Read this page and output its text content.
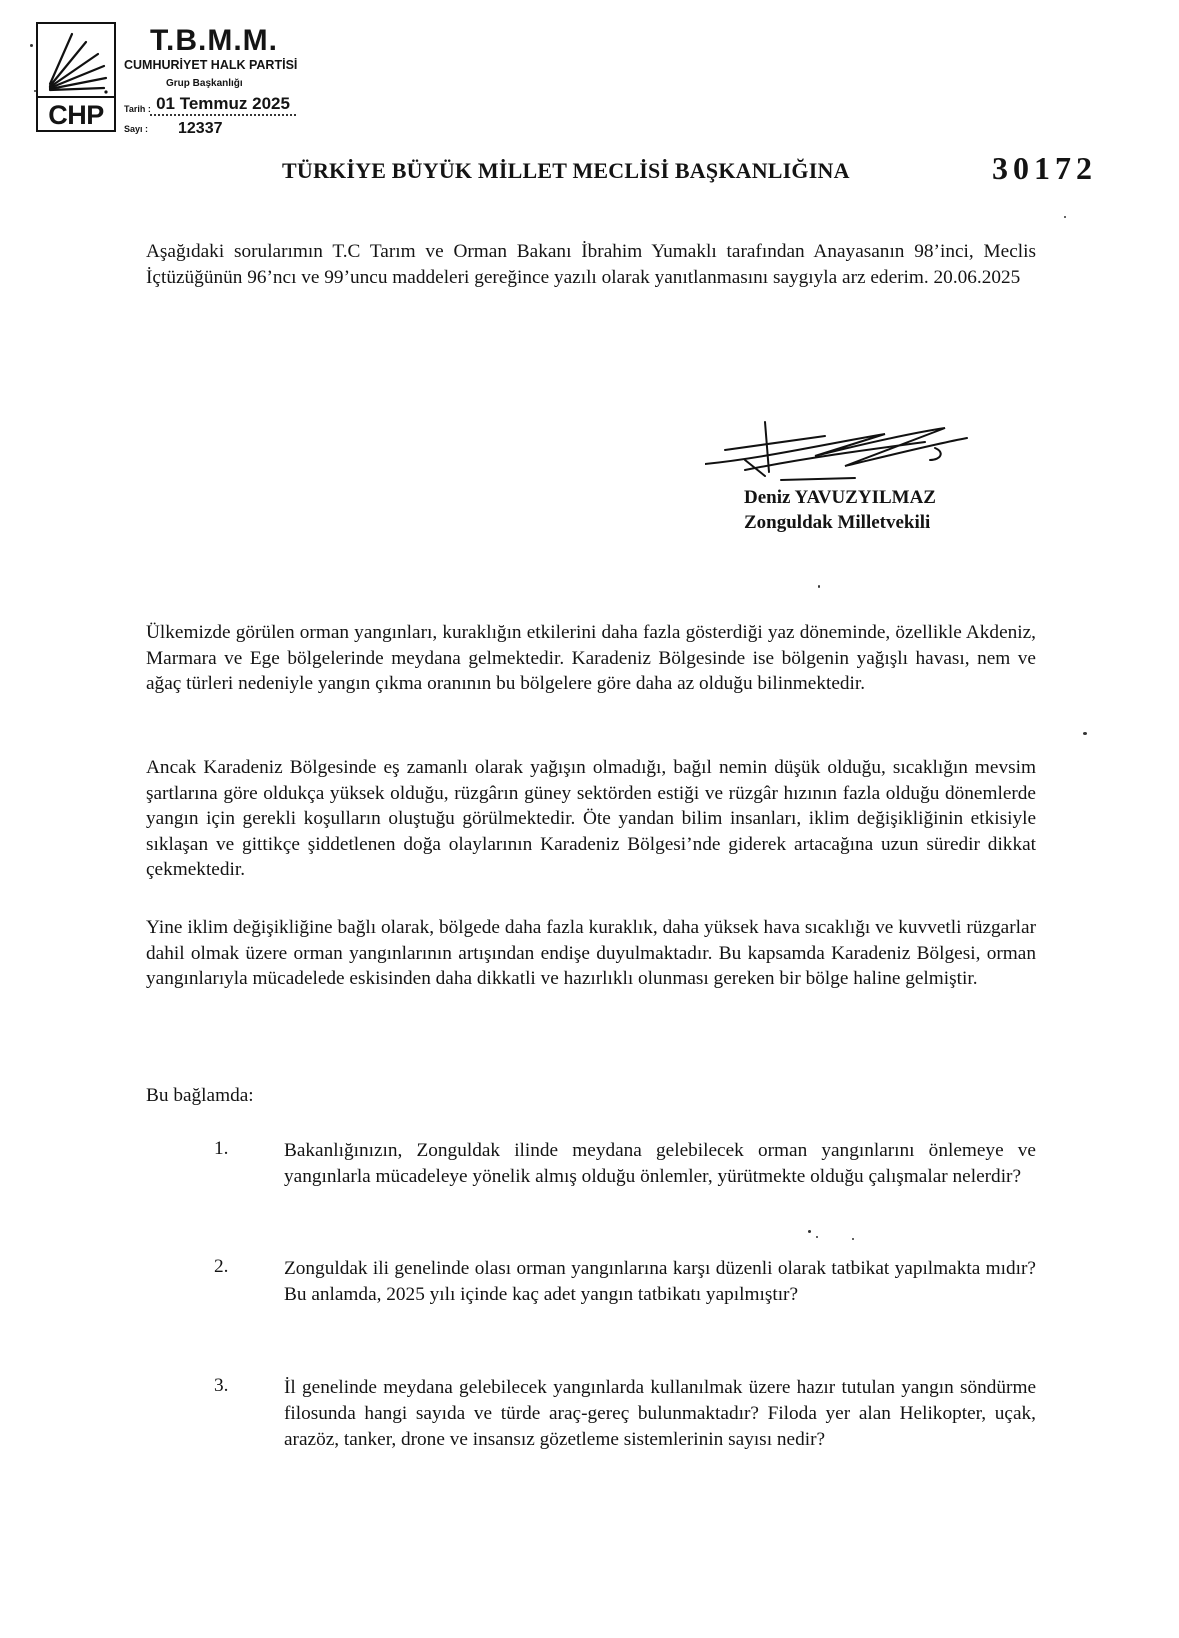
CHP
T.B.M.M.
CUMHURİYET HALK PARTİSİ
Grup Başkanlığı
Tarih : 01 Temmuz 2025
Sayı : 12337
30172
TÜRKİYE BÜYÜK MİLLET MECLİSİ BAŞKANLIĞINA
Aşağıdaki sorularımın T.C Tarım ve Orman Bakanı İbrahim Yumaklı tarafından Anayasanın 98’inci, Meclis İçtüzüğünün 96’ncı ve 99’uncu maddeleri gereğince yazılı olarak yanıtlanmasını saygıyla arz ederim. 20.06.2025
Deniz YAVUZYILMAZ
Zonguldak Milletvekili
Ülkemizde görülen orman yangınları, kuraklığın etkilerini daha fazla gösterdiği yaz döneminde, özellikle Akdeniz, Marmara ve Ege bölgelerinde meydana gelmektedir. Karadeniz Bölgesinde ise bölgenin yağışlı havası, nem ve ağaç türleri nedeniyle yangın çıkma oranının bu bölgelere göre daha az olduğu bilinmektedir.
Ancak Karadeniz Bölgesinde eş zamanlı olarak yağışın olmadığı, bağıl nemin düşük olduğu, sıcaklığın mevsim şartlarına göre oldukça yüksek olduğu, rüzgârın güney sektörden estiği ve rüzgâr hızının fazla olduğu dönemlerde yangın için gerekli koşulların oluştuğu görülmektedir. Öte yandan bilim insanları, iklim değişikliğinin etkisiyle sıklaşan ve gittikçe şiddetlenen doğa olaylarının Karadeniz Bölgesi’nde giderek artacağına uzun süredir dikkat çekmektedir.
Yine iklim değişikliğine bağlı olarak, bölgede daha fazla kuraklık, daha yüksek hava sıcaklığı ve kuvvetli rüzgarlar dahil olmak üzere orman yangınlarının artışından endişe duyulmaktadır. Bu kapsamda Karadeniz Bölgesi, orman yangınlarıyla mücadelede eskisinden daha dikkatli ve hazırlıklı olunması gereken bir bölge haline gelmiştir.
Bu bağlamda:
1.	Bakanlığınızın, Zonguldak ilinde meydana gelebilecek orman yangınlarını önlemeye ve yangınlarla mücadeleye yönelik almış olduğu önlemler, yürütmekte olduğu çalışmalar nelerdir?
2.	Zonguldak ili genelinde olası orman yangınlarına karşı düzenli olarak tatbikat yapılmakta mıdır? Bu anlamda, 2025 yılı içinde kaç adet yangın tatbikatı yapılmıştır?
3.	İl genelinde meydana gelebilecek yangınlarda kullanılmak üzere hazır tutulan yangın söndürme filosunda hangi sayıda ve türde araç-gereç bulunmaktadır? Filoda yer alan Helikopter, uçak, arazöz, tanker, drone ve insansız gözetleme sistemlerinin sayısı nedir?
